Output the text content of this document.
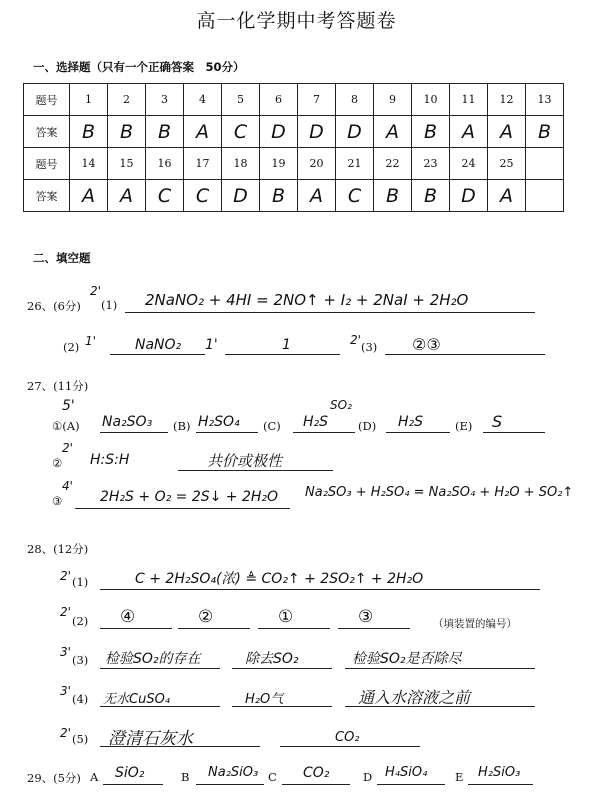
高一化学期中考答题卷
一、选择题（只有一个正确答案　50分）
题号	1	2	3	4	5	6	7	8	9	10	11	12	13
答案	B	B	B	A	C	D	D	D	A	B	A	A	B
题号	14	15	16	17	18	19	20	21	22	23	24	25	
答案	A	A	C	C	D	B	A	C	B	B	D	A	
二、填空题
26、(6分)
2'
(1) 2NaNO₂ + 4HI = 2NO↑ + I₂ + 2NaI + 2H₂O
(2) 1'	NaNO₂ 1'	1	2' (3) ②③
27、(11分)
5'
①(A) Na₂SO₃ (B) H₂SO₄ (C)
SO₂
H₂S	(D) H₂S	(E) S
2'
② H:S:H	共价或极性
4'
③	2H₂S + O₂ = 2S↓ + 2H₂O Na₂SO₃ + H₂SO₄ = Na₂SO₄ + H₂O + SO₂↑
28、(12分)
2' (1)	C + 2H₂SO₄(浓) ≜ CO₂↑ + 2SO₂↑ + 2H₂O
2'
(2) ④	②	①	③	（填装置的编号）
3'
(3) 检验SO₂的存在	除去SO₂	检验SO₂是否除尽
3'
(4) 无水CuSO₄	H₂O气	通入水溶液之前
2' (5) 澄清石灰水	CO₂
29、(5分) A SiO₂	B Na₂SiO₃ C CO₂	D H₄SiO₄ E H₂SiO₃
